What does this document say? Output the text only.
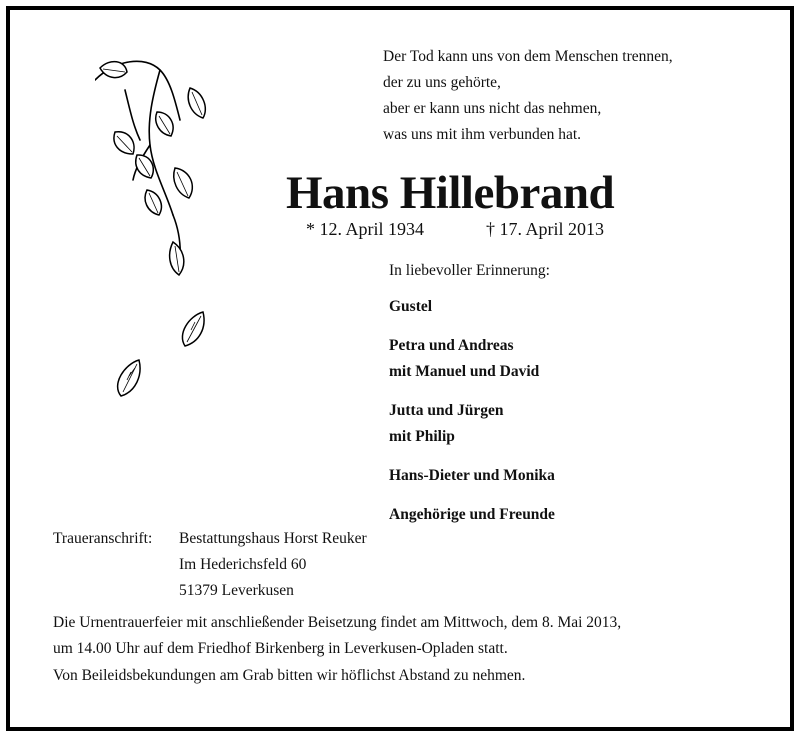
Der Tod kann uns von dem Menschen trennen,
der zu uns gehörte,
aber er kann uns nicht das nehmen,
was uns mit ihm verbunden hat.
Hans Hillebrand
* 12. April 1934	† 17. April 2013
In liebevoller Erinnerung:
Gustel
Petra und Andreas
mit Manuel und David
Jutta und Jürgen
mit Philip
Hans-Dieter und Monika
Angehörige und Freunde
Traueranschrift: Bestattungshaus Horst Reuker
Im Hederichsfeld 60
51379 Leverkusen
Die Urnentrauerfeier mit anschließender Beisetzung findet am Mittwoch, dem 8. Mai 2013,
um 14.00 Uhr auf dem Friedhof Birkenberg in Leverkusen-Opladen statt.
Von Beileidsbekundungen am Grab bitten wir höflichst Abstand zu nehmen.
